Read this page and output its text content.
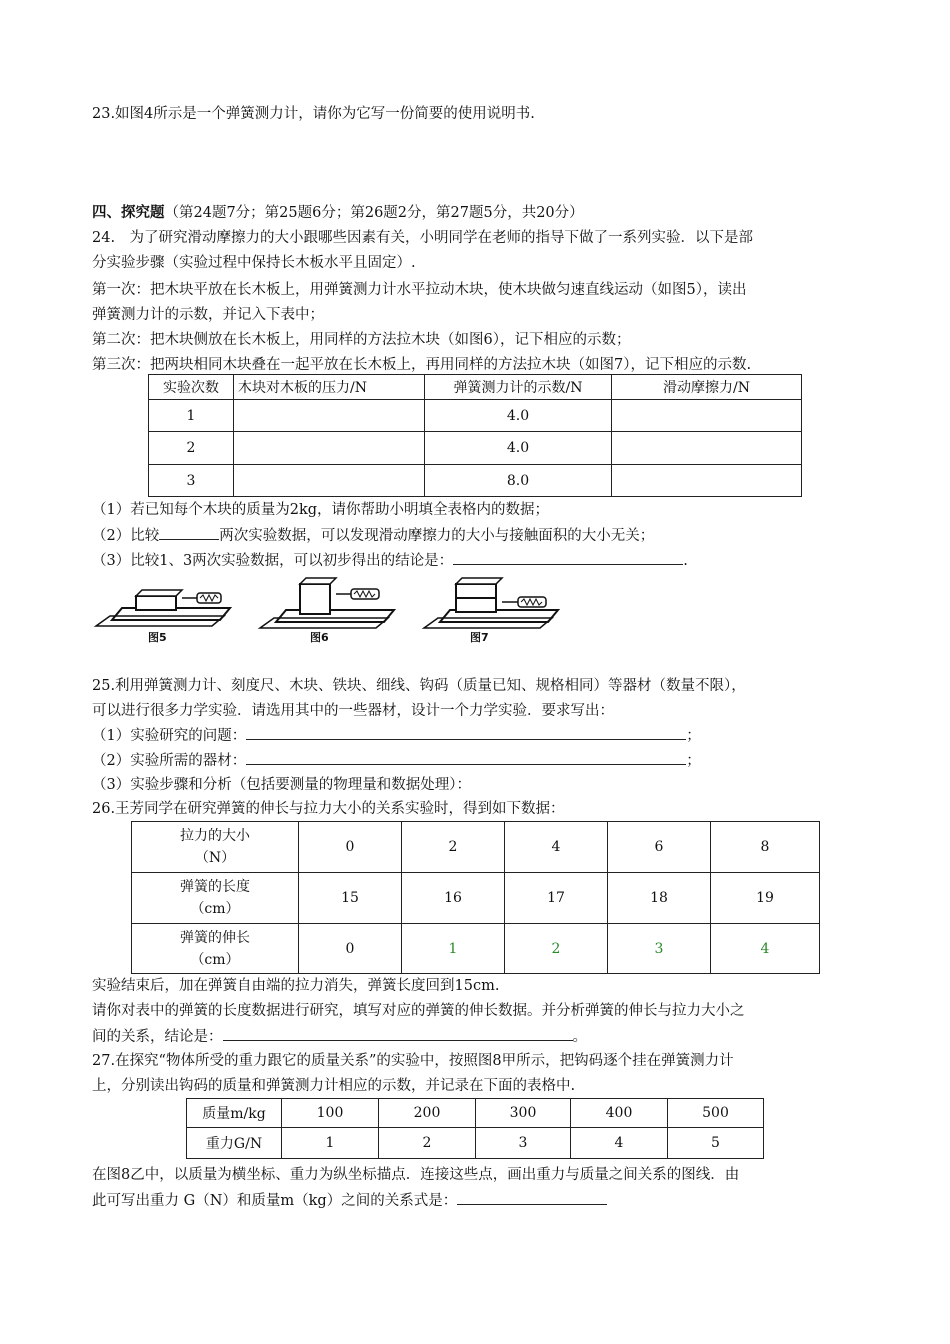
23.如图4所示是一个弹簧测力计，请你为它写一份简要的使用说明书.
四、探究题（第24题7分；第25题6分；第26题2分，第27题5分，共20分）
24.　为了研究滑动摩擦力的大小跟哪些因素有关，小明同学在老师的指导下做了一系列实验．以下是部
分实验步骤（实验过程中保持长木板水平且固定）.
第一次：把木块平放在长木板上，用弹簧测力计水平拉动木块，使木块做匀速直线运动（如图5），读出
弹簧测力计的示数，并记入下表中；
第二次：把木块侧放在长木板上，用同样的方法拉木块（如图6），记下相应的示数；
第三次：把两块相同木块叠在一起平放在长木板上，再用同样的方法拉木块（如图7），记下相应的示数.
实验次数	木块对木板的压力/N	弹簧测力计的示数/N	滑动摩擦力/N
1		4.0	
2		4.0	
3		8.0	
（1）若已知每个木块的质量为2kg，请你帮助小明填全表格内的数据；
（2）比较	两次实验数据，可以发现滑动摩擦力的大小与接触面积的大小无关；
（3）比较1、3两次实验数据，可以初步得出的结论是：	.
图5	图6	图7
25.利用弹簧测力计、刻度尺、木块、铁块、细线、钩码（质量已知、规格相同）等器材（数量不限），
可以进行很多力学实验．请选用其中的一些器材，设计一个力学实验．要求写出：
（1）实验研究的问题：	；
（2）实验所需的器材：	；
（3）实验步骤和分析（包括要测量的物理量和数据处理）：
26.王芳同学在研究弹簧的伸长与拉力大小的关系实验时，得到如下数据：
拉力的大小
（N）	0	2	4	6	8
弹簧的长度
（cm）	15	16	17	18	19
弹簧的伸长
（cm）	0	1	2	3	4
实验结束后，加在弹簧自由端的拉力消失，弹簧长度回到15cm.
请你对表中的弹簧的长度数据进行研究，填写对应的弹簧的伸长数据。并分析弹簧的伸长与拉力大小之
间的关系，结论是：	。
27.在探究“物体所受的重力跟它的质量关系”的实验中，按照图8甲所示，把钩码逐个挂在弹簧测力计
上，分别读出钩码的质量和弹簧测力计相应的示数，并记录在下面的表格中.
质量m/kg	100	200	300	400	500
重力G/N	1	2	3	4	5
在图8乙中，以质量为横坐标、重力为纵坐标描点．连接这些点，画出重力与质量之间关系的图线．由
此可写出重力 G（N）和质量m（kg）之间的关系式是：
